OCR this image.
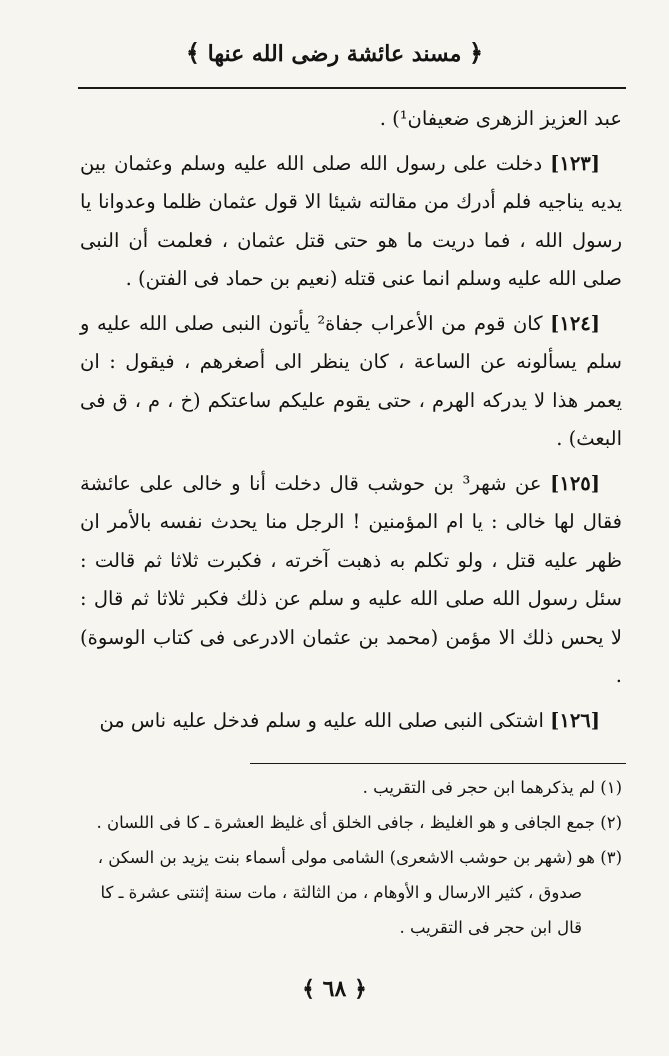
﴿ مسند عائشة رضى الله عنها ﴾

عبد العزيز الزهرى ضعيفان¹) .

[١٢٣] دخلت على رسول الله صلى الله عليه وسلم وعثمان بين يديه يناجيه فلم أدرك من مقالته شيئا الا قول عثمان ظلما وعدوانا يا رسول الله ، فما دريت ما هو حتى قتل عثمان ، فعلمت أن النبى صلى الله عليه وسلم انما عنى قتله (نعيم بن حماد فى الفتن) .

[١٢٤] كان قوم من الأعراب جفاة² يأتون النبى صلى الله عليه و سلم يسألونه عن الساعة ، كان ينظر الى أصغرهم ، فيقول : ان يعمر هذا لا يدركه الهرم ، حتى يقوم عليكم ساعتكم (خ ، م ، ق فى البعث) .

[١٢٥] عن شهر³ بن حوشب قال دخلت أنا و خالى على عائشة فقال لها خالى : يا ام المؤمنين ! الرجل منا يحدث نفسه بالأمر ان ظهر عليه قتل ، ولو تكلم به ذهبت آخرته ، فكبرت ثلاثا ثم قالت : سئل رسول الله صلى الله عليه و سلم عن ذلك فكبر ثلاثا ثم قال : لا يحس ذلك الا مؤمن (محمد بن عثمان الادرعى فى كتاب الوسوة) .

[١٢٦] اشتكى النبى صلى الله عليه و سلم فدخل عليه ناس من

(١) لم يذكرهما ابن حجر فى التقريب .

(٢) جمع الجافى و هو الغليظ ، جافى الخلق أى غليظ العشرة ـ كا فى اللسان .

(٣) هو (شهر بن حوشب الاشعرى) الشامى مولى أسماء بنت يزيد بن السكن ،

صدوق ، كثير الارسال و الأوهام ، من الثالثة ، مات سنة إثنتى عشرة ـ كا

قال ابن حجر فى التقريب .

﴿ ٦٨ ﴾
